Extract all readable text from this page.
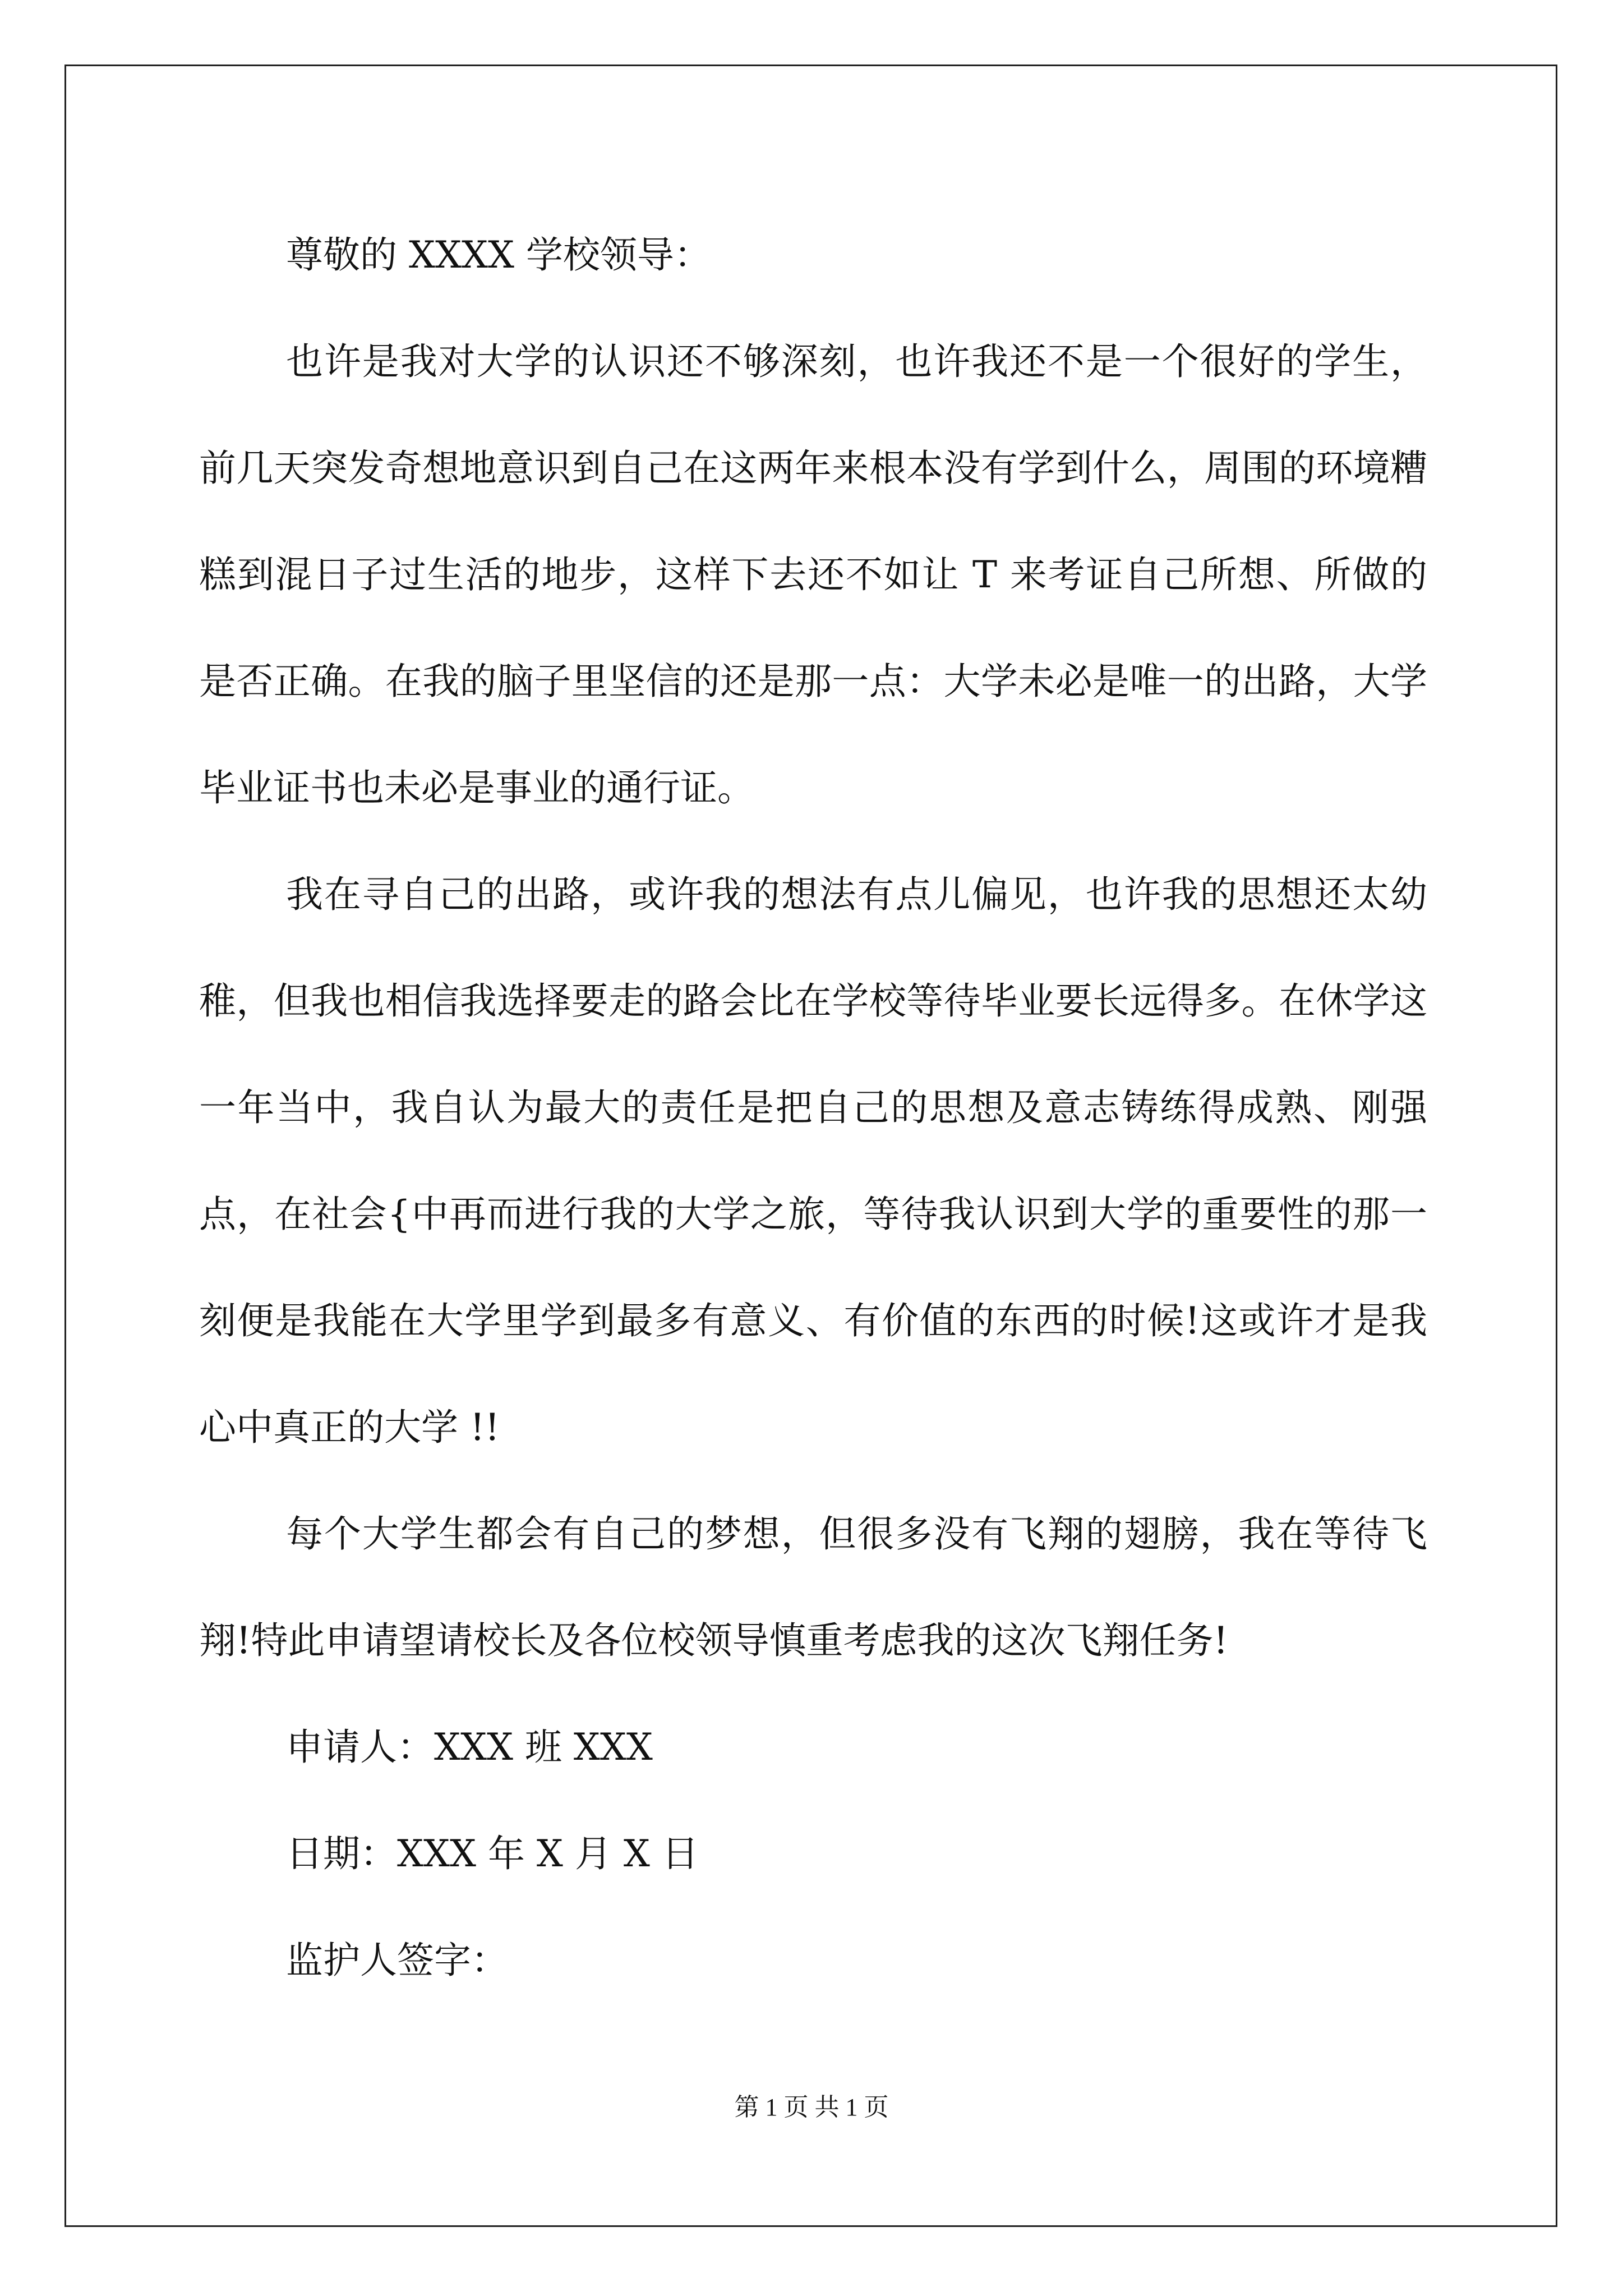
尊敬的 XXXX 学校领导：

也许是我对大学的认识还不够深刻，也许我还不是一个很好的学生，前几天突发奇想地意识到自己在这两年来根本没有学到什么，周围的环境糟糕到混日子过生活的地步，这样下去还不如让 T 来考证自己所想、所做的是否正确。在我的脑子里坚信的还是那一点：大学未必是唯一的出路，大学毕业证书也未必是事业的通行证。

我在寻自己的出路，或许我的想法有点儿偏见，也许我的思想还太幼稚，但我也相信我选择要走的路会比在学校等待毕业要长远得多。在休学这一年当中，我自认为最大的责任是把自己的思想及意志铸练得成熟、刚强点，在社会{中再而进行我的大学之旅，等待我认识到大学的重要性的那一刻便是我能在大学里学到最多有意义、有价值的东西的时候!这或许才是我心中真正的大学 !!

每个大学生都会有自己的梦想，但很多没有飞翔的翅膀，我在等待飞翔!特此申请望请校长及各位校领导慎重考虑我的这次飞翔任务!

申请人：XXX 班 XXX

日期：XXX 年 X 月 X 日

监护人签字：

第 1 页 共 1 页
